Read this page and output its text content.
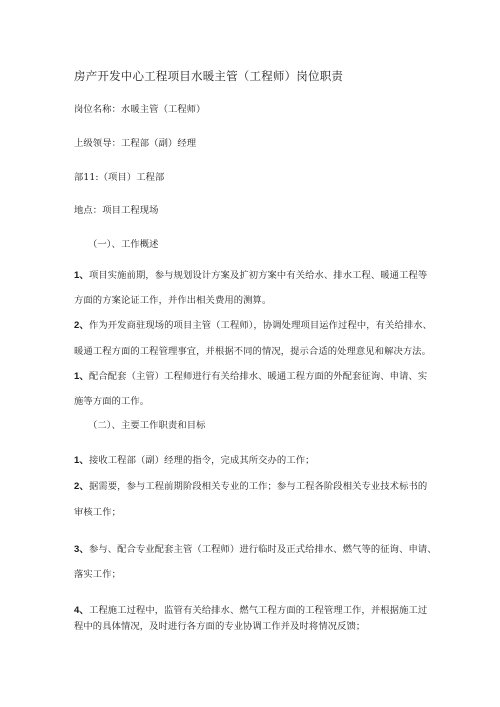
房产开发中心工程项目水暖主管（工程师）岗位职责
岗位名称：水暖主管（工程师）
上级领导：工程部（副）经理
部11:（项目）工程部
地点：项目工程现场
（一）、工作概述
1、项目实施前期，参与规划设计方案及扩初方案中有关给水、排水工程、暖通工程等
方面的方案论证工作，并作出相关费用的测算。
2、作为开发商驻现场的项目主管（工程师），协调处理项目运作过程中，有关给排水、
暖通工程方面的工程管理事宜，并根据不同的情况，提示合适的处理意见和解决方法。
1、配合配套（主管）工程师进行有关给排水、暖通工程方面的外配套征询、申请、实
施等方面的工作。
（二）、主要工作职责和目标
1、接收工程部（副）经理的指令，完成其所交办的工作；
2、据需要，参与工程前期阶段相关专业的工作；参与工程各阶段相关专业技术标书的
审核工作；
3、参与、配合专业配套主管（工程师）进行临时及正式给排水、燃气等的征询、申请、
落实工作；
4、工程施工过程中，监管有关给排水、燃气工程方面的工程管理工作，并根据施工过
程中的具体情况，及时进行各方面的专业协调工作并及时将情况反馈；
